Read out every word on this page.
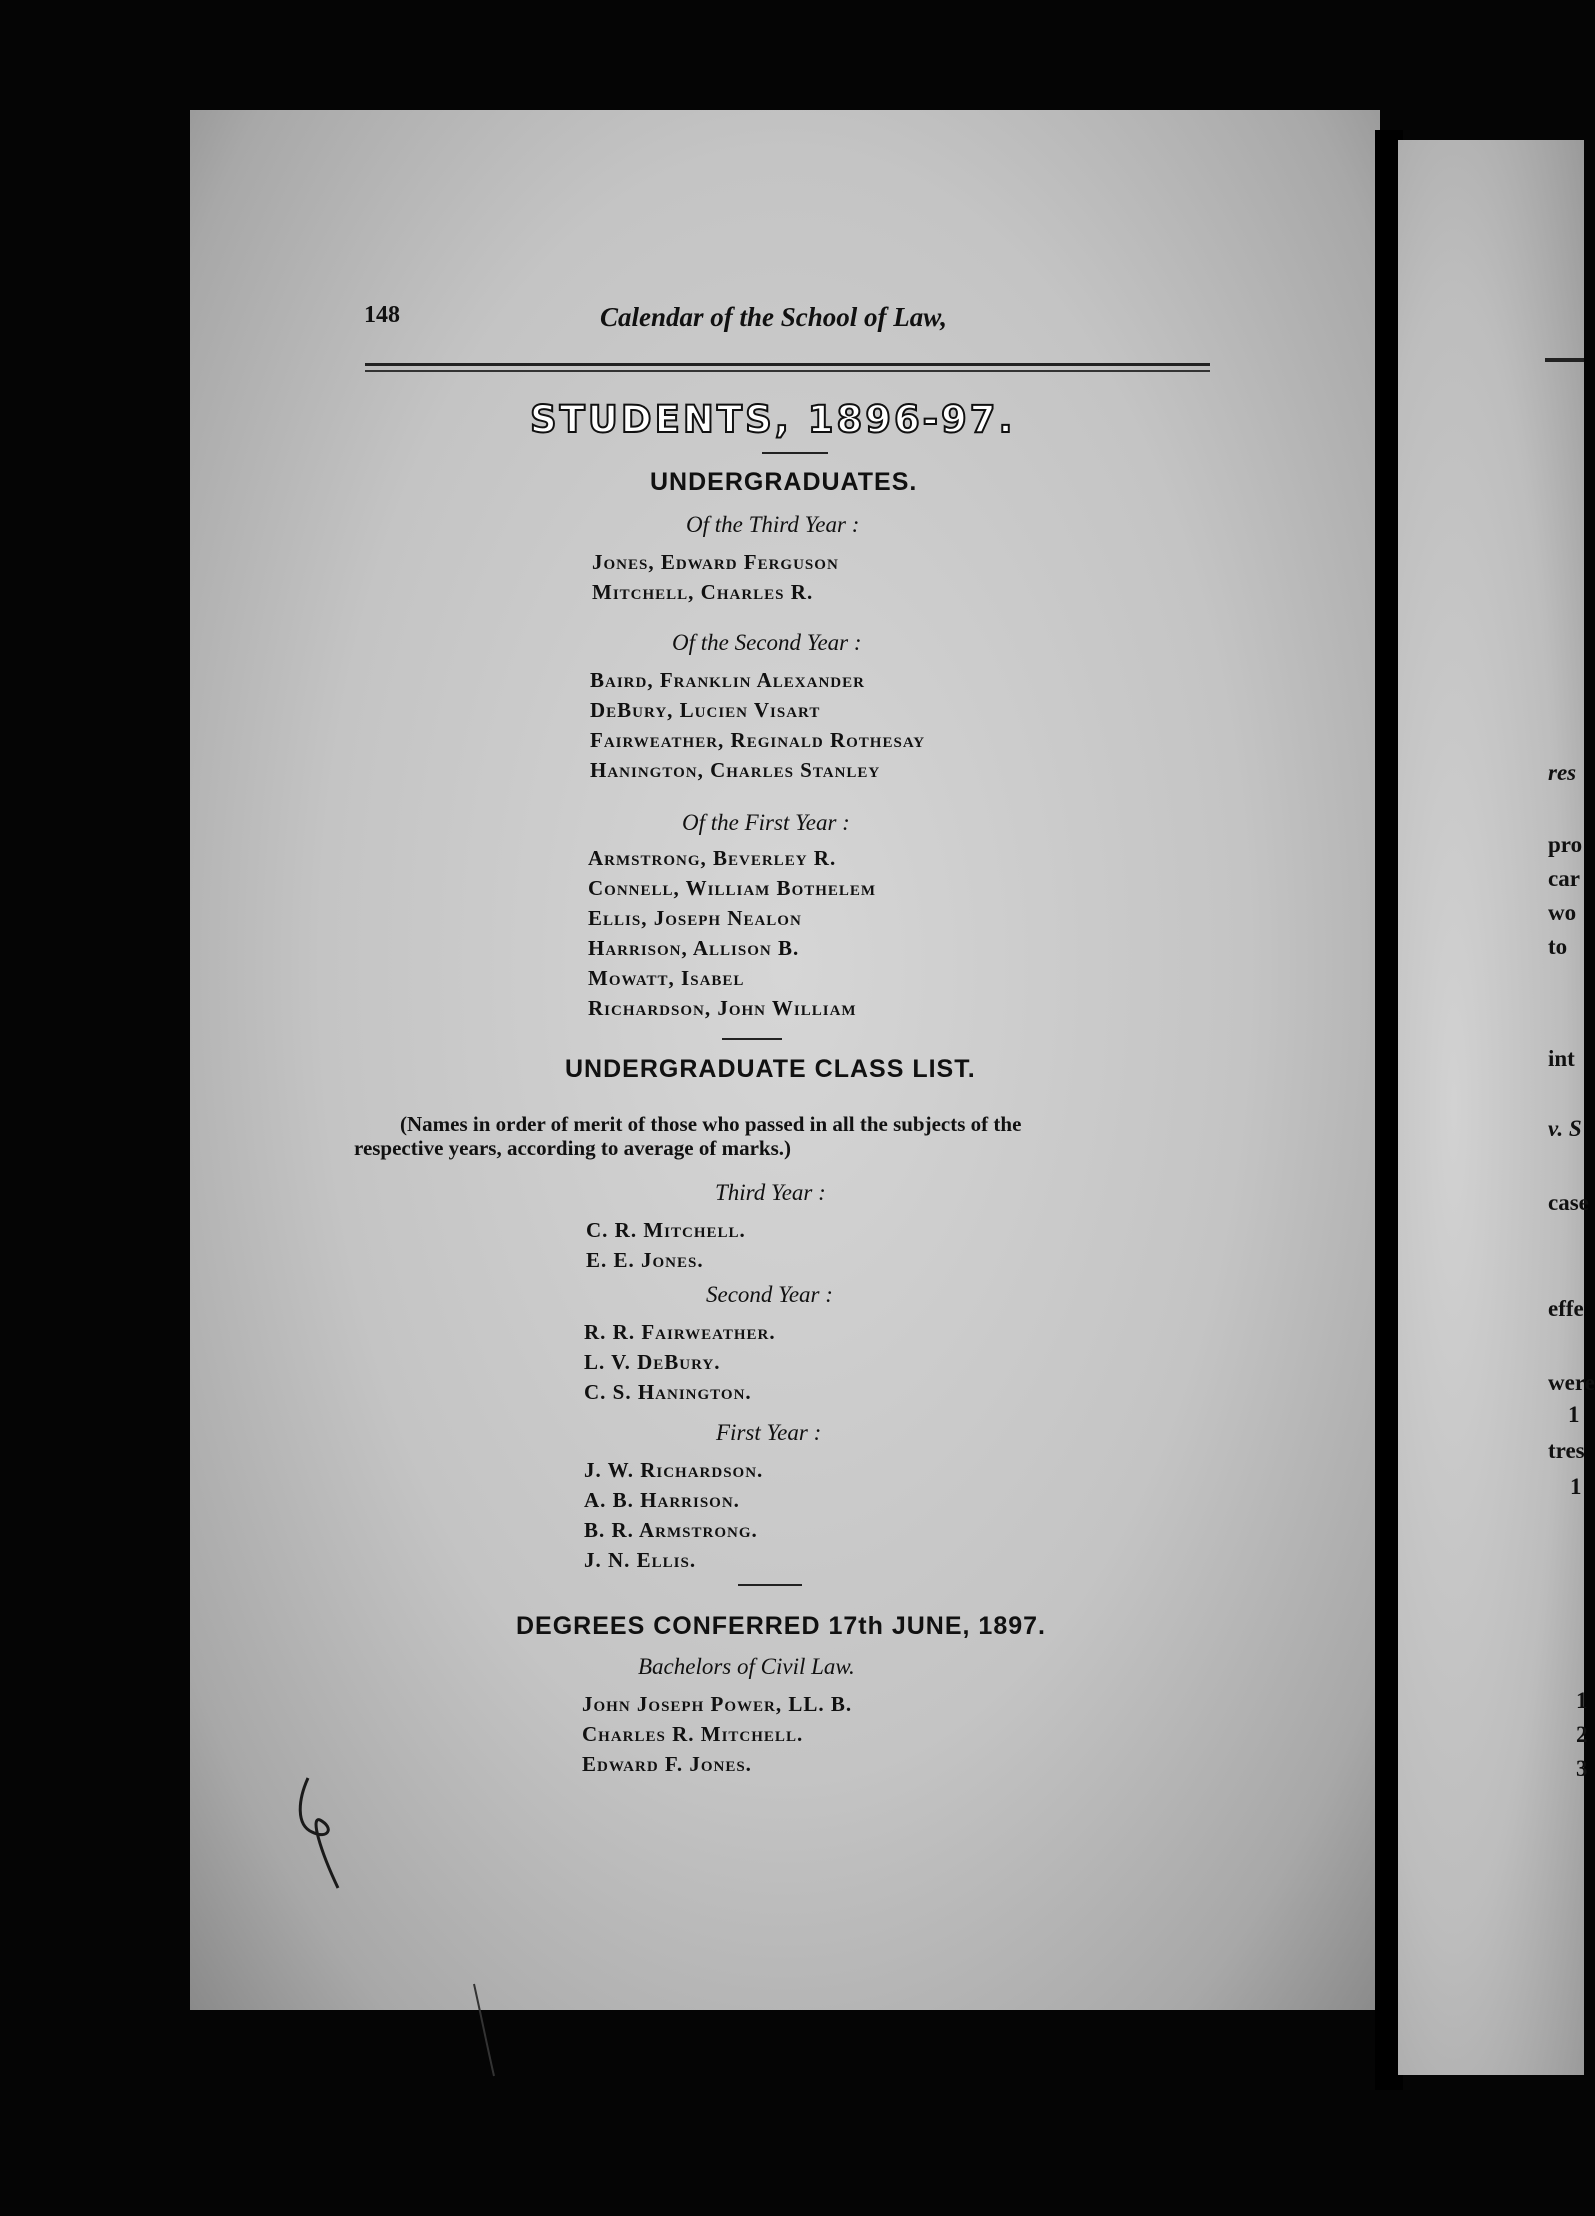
148	Calendar of the School of Law,
STUDENTS, 1896-97.
UNDERGRADUATES.
Of the Third Year :
Jones, Edward Ferguson
Mitchell, Charles R.
Of the Second Year :
Baird, Franklin Alexander
DeBury, Lucien Visart
Fairweather, Reginald Rothesay
Hanington, Charles Stanley
Of the First Year :
Armstrong, Beverley R.
Connell, William Bothelem
Ellis, Joseph Nealon
Harrison, Allison B.
Mowatt, Isabel
Richardson, John William
UNDERGRADUATE CLASS LIST.
(Names in order of merit of those who passed in all the subjects of the
respective years, according to average of marks.)
Third Year :
C. R. Mitchell.
E. E. Jones.
Second Year :
R. R. Fairweather.
L. V. DeBury.
C. S. Hanington.
First Year :
J. W. Richardson.
A. B. Harrison.
B. R. Armstrong.
J. N. Ellis.
DEGREES CONFERRED 17th JUNE, 1897.
Bachelors of Civil Law.
John Joseph Power, LL. B.
Charles R. Mitchell.
Edward F. Jones.
res
pro
car
wo
to
int
v. S
case
effe
were
1
tres
1
1
2
3
